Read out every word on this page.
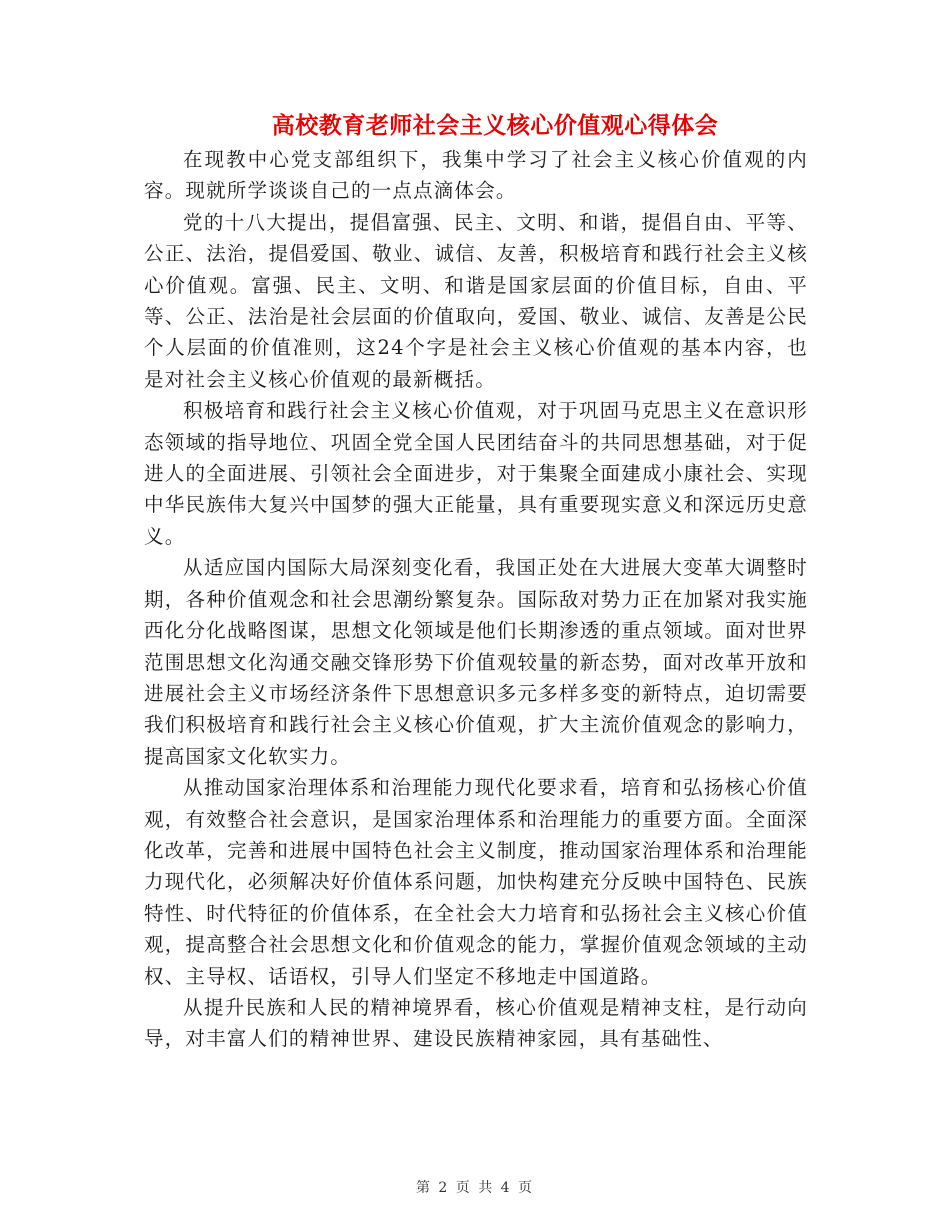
高校教育老师社会主义核心价值观心得体会

在现教中心党支部组织下，我集中学习了社会主义核心价值观的内容。现就所学谈谈自己的一点点滴体会。

党的十八大提出，提倡富强、民主、文明、和谐，提倡自由、平等、公正、法治，提倡爱国、敬业、诚信、友善，积极培育和践行社会主义核心价值观。富强、民主、文明、和谐是国家层面的价值目标，自由、平等、公正、法治是社会层面的价值取向，爱国、敬业、诚信、友善是公民个人层面的价值准则，这24个字是社会主义核心价值观的基本内容，也是对社会主义核心价值观的最新概括。

积极培育和践行社会主义核心价值观，对于巩固马克思主义在意识形态领域的指导地位、巩固全党全国人民团结奋斗的共同思想基础，对于促进人的全面进展、引领社会全面进步，对于集聚全面建成小康社会、实现中华民族伟大复兴中国梦的强大正能量，具有重要现实意义和深远历史意义。

从适应国内国际大局深刻变化看，我国正处在大进展大变革大调整时期，各种价值观念和社会思潮纷繁复杂。国际敌对势力正在加紧对我实施西化分化战略图谋，思想文化领域是他们长期渗透的重点领域。面对世界范围思想文化沟通交融交锋形势下价值观较量的新态势，面对改革开放和进展社会主义市场经济条件下思想意识多元多样多变的新特点，迫切需要我们积极培育和践行社会主义核心价值观，扩大主流价值观念的影响力，提高国家文化软实力。

从推动国家治理体系和治理能力现代化要求看，培育和弘扬核心价值观，有效整合社会意识，是国家治理体系和治理能力的重要方面。全面深化改革，完善和进展中国特色社会主义制度，推动国家治理体系和治理能力现代化，必须解决好价值体系问题，加快构建充分反映中国特色、民族特性、时代特征的价值体系，在全社会大力培育和弘扬社会主义核心价值观，提高整合社会思想文化和价值观念的能力，掌握价值观念领域的主动权、主导权、话语权，引导人们坚定不移地走中国道路。

从提升民族和人民的精神境界看，核心价值观是精神支柱，是行动向导，对丰富人们的精神世界、建设民族精神家园，具有基础性、

第 2 页 共 4 页
